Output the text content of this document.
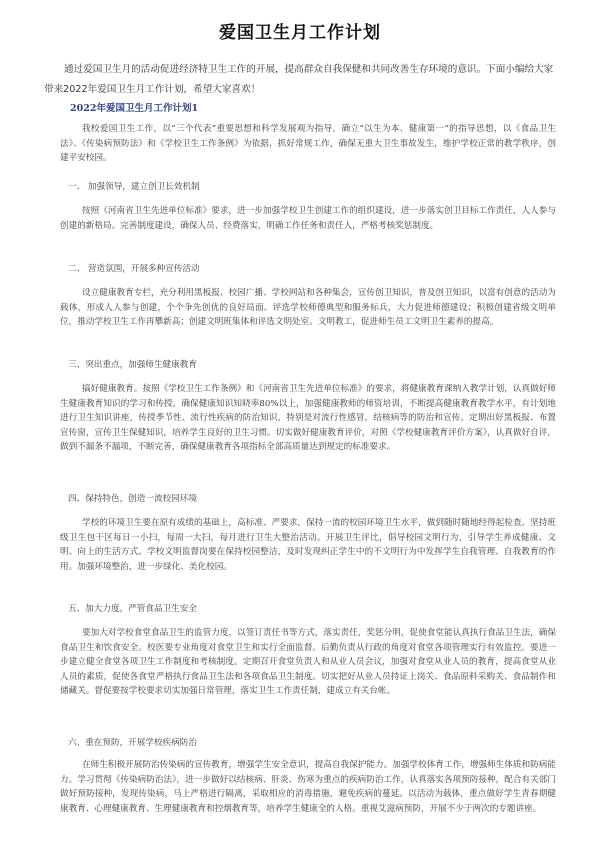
爱国卫生月工作计划

通过爱国卫生月的活动促进经济特卫生工作的开展，提高群众自我保健和共同改善生存环境的意识。下面小编给大家带来2022年爱国卫生月工作计划，希望大家喜欢！

2022年爱国卫生月工作计划1

我校爱国卫生工作，以“三个代表”重要思想和科学发展观为指导，确立“以生为本、健康第一”的指导思想，以《食品卫生法》、《传染病预防法》和《学校卫生工作条例》为依据，抓好常规工作，确保无重大卫生事故发生，维护学校正常的教学秩序，创建平安校园。

一、 加强领导，建立创卫长效机制

按照《河南省卫生先进单位标准》要求，进一步加强学校卫生创建工作的组织建设，进一步落实创卫目标工作责任，人人参与创建的新格局。完善制度建设，确保人员、经费落实，明确工作任务和责任人，严格考核奖惩制度。

二、 营造氛围，开展多种宣传活动

设立健康教育专栏，充分利用黑板报、校园广播、学校网站和各种集会，宣传创卫知识，普及创卫知识，以富有创意的活动为载体，形成人人参与创建，个个争先创优的良好局面。评选学校师德典型和服务标兵，大力促进师德建设；积极创建省级文明单位，推动学校卫生工作再攀新高；创建文明班集体和评选文明处室、文明教工，促进师生员工文明卫生素养的提高。

三、突出重点，加强师生健康教育

搞好健康教育。按照《学校卫生工作条例》和《河南省卫生先进单位标准》的要求，将健康教育课纳入教学计划，认真做好师生健康教育知识的学习和传授，确保健康知识知晓率80%以上，加强健康教师的师资培训，不断提高健康教育教学水平，有计划地进行卫生知识讲座，传授季节性、流行性疾病的防治知识，特别是对流行性感冒，结核病等的防治和宣传。定期出好黑板报、布置宣传窗，宣传卫生保健知识，培养学生良好的卫生习惯。切实做好健康教育评价，对照《学校健康教育评价方案》，认真做好自评，做到不漏条不漏项，不断完善，确保健康教育各项指标全部高质量达到规定的标准要求。

四、保持特色，创造一流校园环境

学校的环境卫生要在原有成绩的基础上，高标准、严要求，保持一流的校园环境卫生水平，做到随时随地经得起检查。坚持班级卫生包干区每日一小扫，每周一大扫，每月进行卫生大整治活动。开展卫生评比，倡导校园文明行为，引导学生养成健康、文明、向上的生活方式。学校文明监督岗要在保持校园整洁，及时发现纠正学生中的不文明行为中发挥学生自我管理、自我教育的作用。加强环境整治，进一步绿化、美化校园。

五、加大力度，严管食品卫生安全

要加大对学校食堂食品卫生的监管力度，以签订责任书等方式，落实责任，奖惩分明，促使食堂能认真执行食品卫生法，确保食品卫生和饮食安全。校医要专业角度对食堂卫生和实行全面监督。后勤负责从行政的角度对食堂各项管理实行有效监控。要进一步建立健全食堂各项卫生工作制度和考核制度。定期召开食堂负责人和从业人员会议，加强对食堂从业人员的教育，提高食堂从业人员的素质，促使各食堂严格执行食品卫生法和各项食品卫生制度。切实把好从业人员持证上岗关、食品原料采购关、食品制作和储藏关。督促要按学校要求切实加强日常管理，落实卫生工作责任制，建成立有关台帐。

六、重在预防，开展学校疾病防治

在师生积极开展防治传染病的宣传教育，增强学生安全意识，提高自我保护能力。加强学校体育工作，增强师生体质和防病能力。学习贯彻《传染病防治法》，进一步做好以结核病、肝炎、伤寒为重点的疾病防治工作，认真落实各项预防接种，配合有关部门做好预防接种，发现传染病，马上严格进行隔离，采取相应的消毒措施，避免疾病的蔓延。以活动为载体，重点做好学生青春期健康教育、心理健康教育、生理健康教育和控烟教育等，培养学生健康全的人格。重视艾滋病预防，开展不少于两次的专题讲座。
